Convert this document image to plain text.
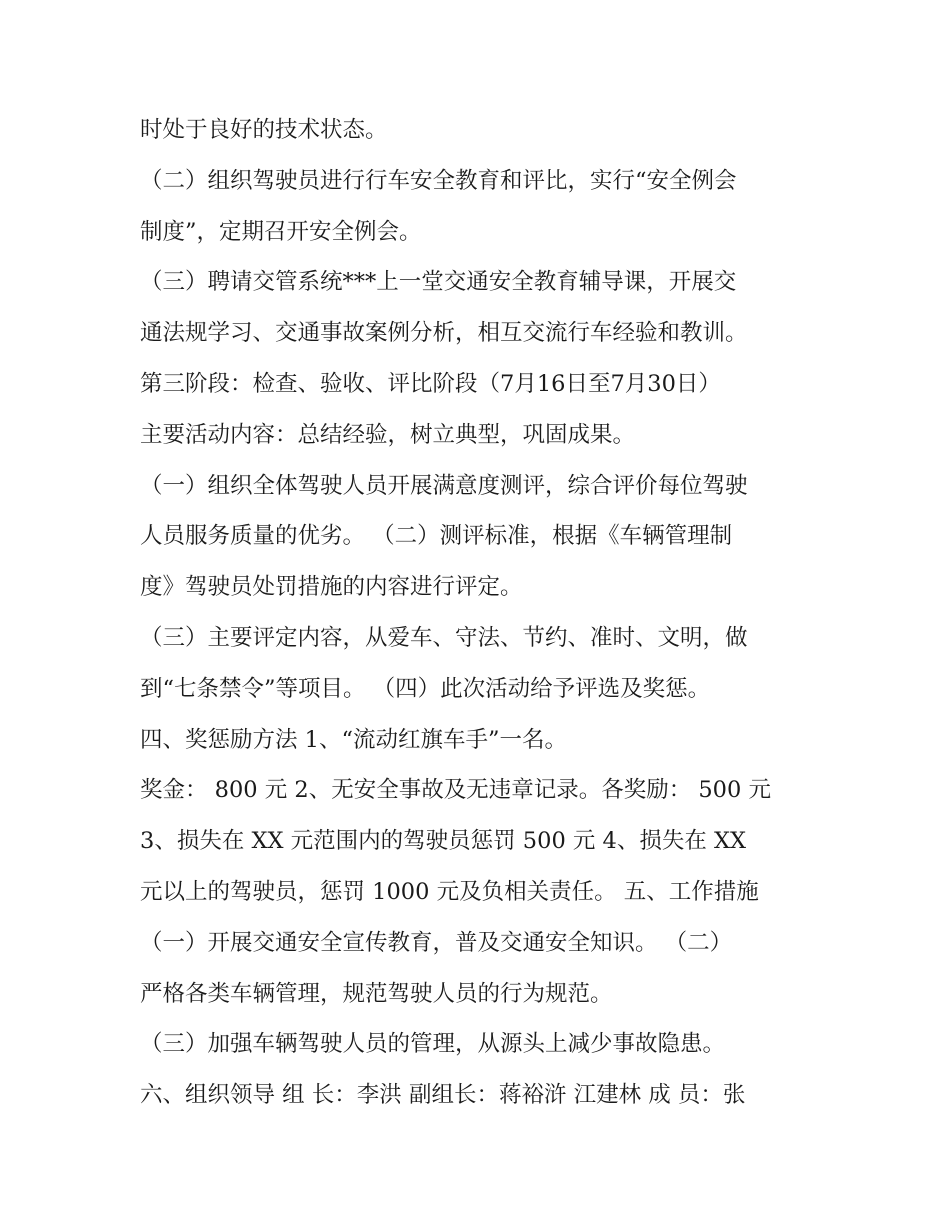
时处于良好的技术状态。
（二）组织驾驶员进行行车安全教育和评比，实行“安全例会
制度”，定期召开安全例会。
（三）聘请交管系统***上一堂交通安全教育辅导课，开展交
通法规学习、交通事故案例分析，相互交流行车经验和教训。
第三阶段：检查、验收、评比阶段（7月16日至7月30日）
主要活动内容：总结经验，树立典型，巩固成果。
（一）组织全体驾驶人员开展满意度测评，综合评价每位驾驶
人员服务质量的优劣。 （二）测评标准，根据《车辆管理制
度》驾驶员处罚措施的内容进行评定。
（三）主要评定内容，从爱车、守法、节约、准时、文明，做
到“七条禁令”等项目。 （四）此次活动给予评选及奖惩。
四、奖惩励方法 1、“流动红旗车手”一名。
奖金： 800 元 2、无安全事故及无违章记录。各奖励： 500 元
3、损失在 XX 元范围内的驾驶员惩罚 500 元 4、损失在 XX
元以上的驾驶员，惩罚 1000 元及负相关责任。 五、工作措施
（一）开展交通安全宣传教育，普及交通安全知识。 （二）
严格各类车辆管理，规范驾驶人员的行为规范。
（三）加强车辆驾驶人员的管理，从源头上减少事故隐患。
六、组织领导 组 长：李洪 副组长：蒋裕浒 江建林 成 员：张
